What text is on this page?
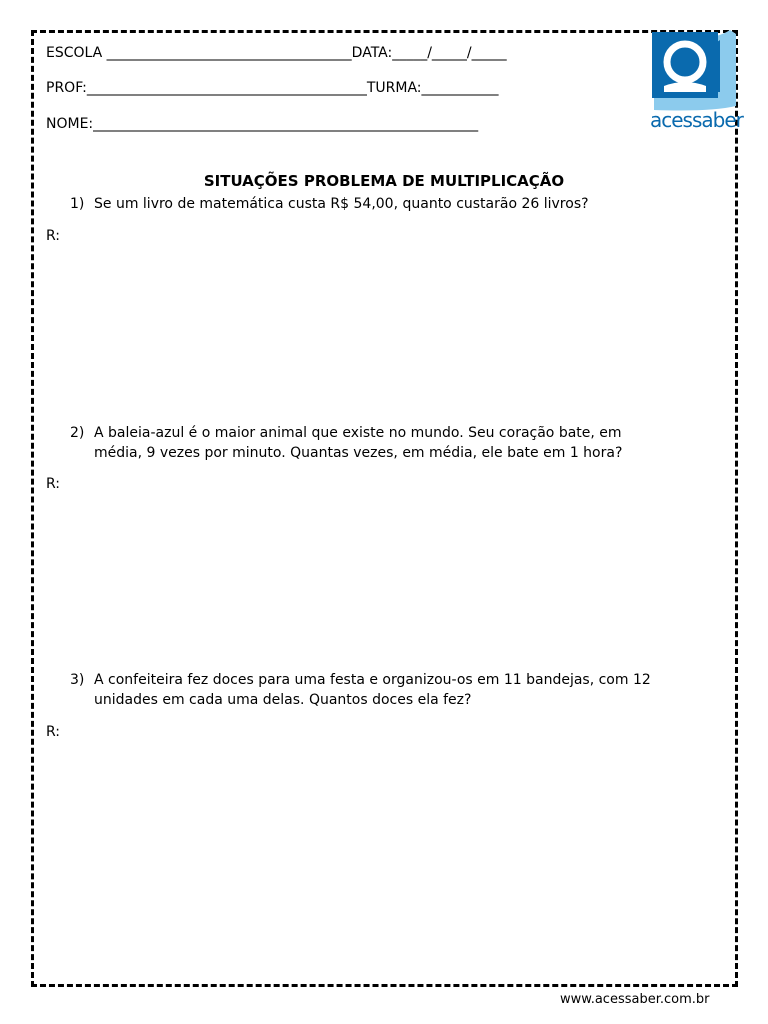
ESCOLA ___________________________________DATA:_____/_____/_____
PROF:________________________________________TURMA:___________
NOME:_______________________________________________________	acessaber
SITUAÇÕES PROBLEMA DE MULTIPLICAÇÃO
1) Se um livro de matemática custa R$ 54,00, quanto custarão 26 livros?
R:
2) A baleia-azul é o maior animal que existe no mundo. Seu coração bate, em
média, 9 vezes por minuto. Quantas vezes, em média, ele bate em 1 hora?
R:
3) A confeiteira fez doces para uma festa e organizou-os em 11 bandejas, com 12
unidades em cada uma delas. Quantos doces ela fez?
R:
www.acessaber.com.br
